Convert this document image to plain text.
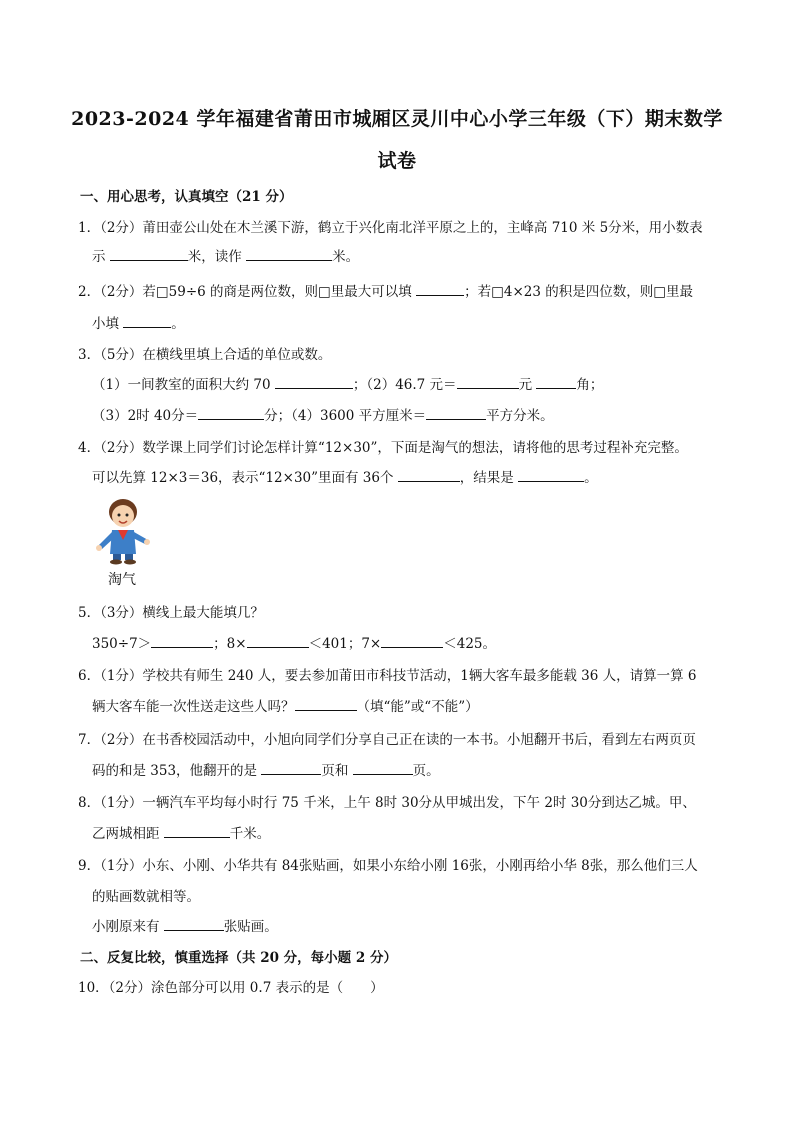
2023-2024 学年福建省莆田市城厢区灵川中心小学三年级（下）期末数学
试卷
一、用心思考，认真填空（21 分）
1．（2分）莆田壶公山处在木兰溪下游，鹤立于兴化南北洋平原之上的，主峰高 710 米 5分米，用小数表
示	米，读作	米。
2．（2分）若□59÷6 的商是两位数，则□里最大可以填	；若□4×23 的积是四位数，则□里最
小填	。
3．（5分）在横线里填上合适的单位或数。
（1）一间教室的面积大约 70	；（2）46.7 元＝	元	角；
（3）2时 40分＝	分；（4）3600 平方厘米＝	平方分米。
4．（2分）数学课上同学们讨论怎样计算“12×30”，下面是淘气的想法，请将他的思考过程补充完整。
可以先算 12×3＝36，表示“12×30”里面有 36个	，结果是	。
淘气
5．（3分）横线上最大能填几？
350÷7＞	；8×	＜401；7×	＜425。
6．（1分）学校共有师生 240 人，要去参加莆田市科技节活动，1辆大客车最多能载 36 人，请算一算 6
辆大客车能一次性送走这些人吗？	（填“能”或“不能”）
7．（2分）在书香校园活动中，小旭向同学们分享自己正在读的一本书。小旭翻开书后，看到左右两页页
码的和是 353，他翻开的是	页和	页。
8．（1分）一辆汽车平均每小时行 75 千米，上午 8时 30分从甲城出发，下午 2时 30分到达乙城。甲、
乙两城相距	千米。
9．（1分）小东、小刚、小华共有 84张贴画，如果小东给小刚 16张，小刚再给小华 8张，那么他们三人
的贴画数就相等。
小刚原来有	张贴画。
二、反复比较，慎重选择（共 20 分，每小题 2 分）
10．（2分）涂色部分可以用 0.7 表示的是（　　）
